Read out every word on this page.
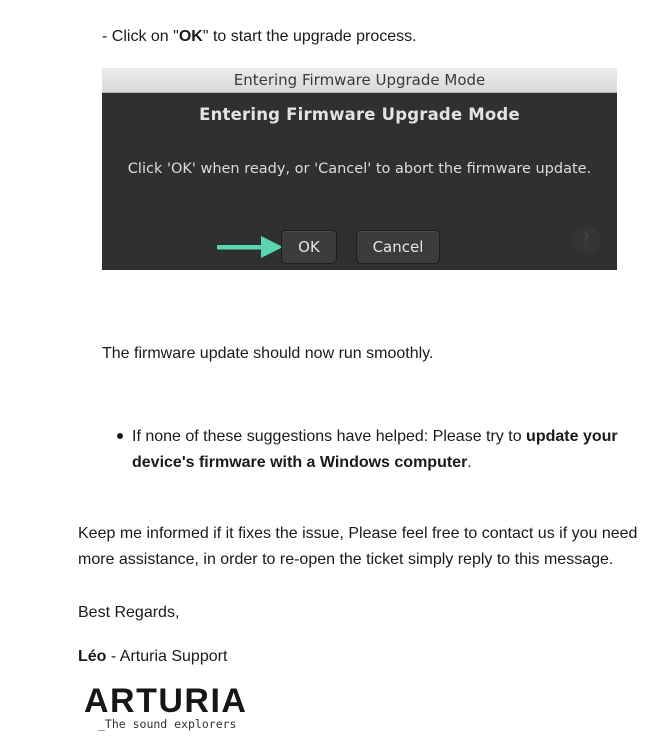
- Click on "OK" to start the upgrade process.
Entering Firmware Upgrade Mode
Entering Firmware Upgrade Mode
Click 'OK' when ready, or 'Cancel' to abort the firmware update.
OK	Cancel	?
The firmware update should now run smoothly.
If none of these suggestions have helped: Please try to update your
device's firmware with a Windows computer.
Keep me informed if it fixes the issue, Please feel free to contact us if you need
more assistance, in order to re-open the ticket simply reply to this message.
Best Regards,
Léo - Arturia Support
ARTURIA
_The sound explorers
